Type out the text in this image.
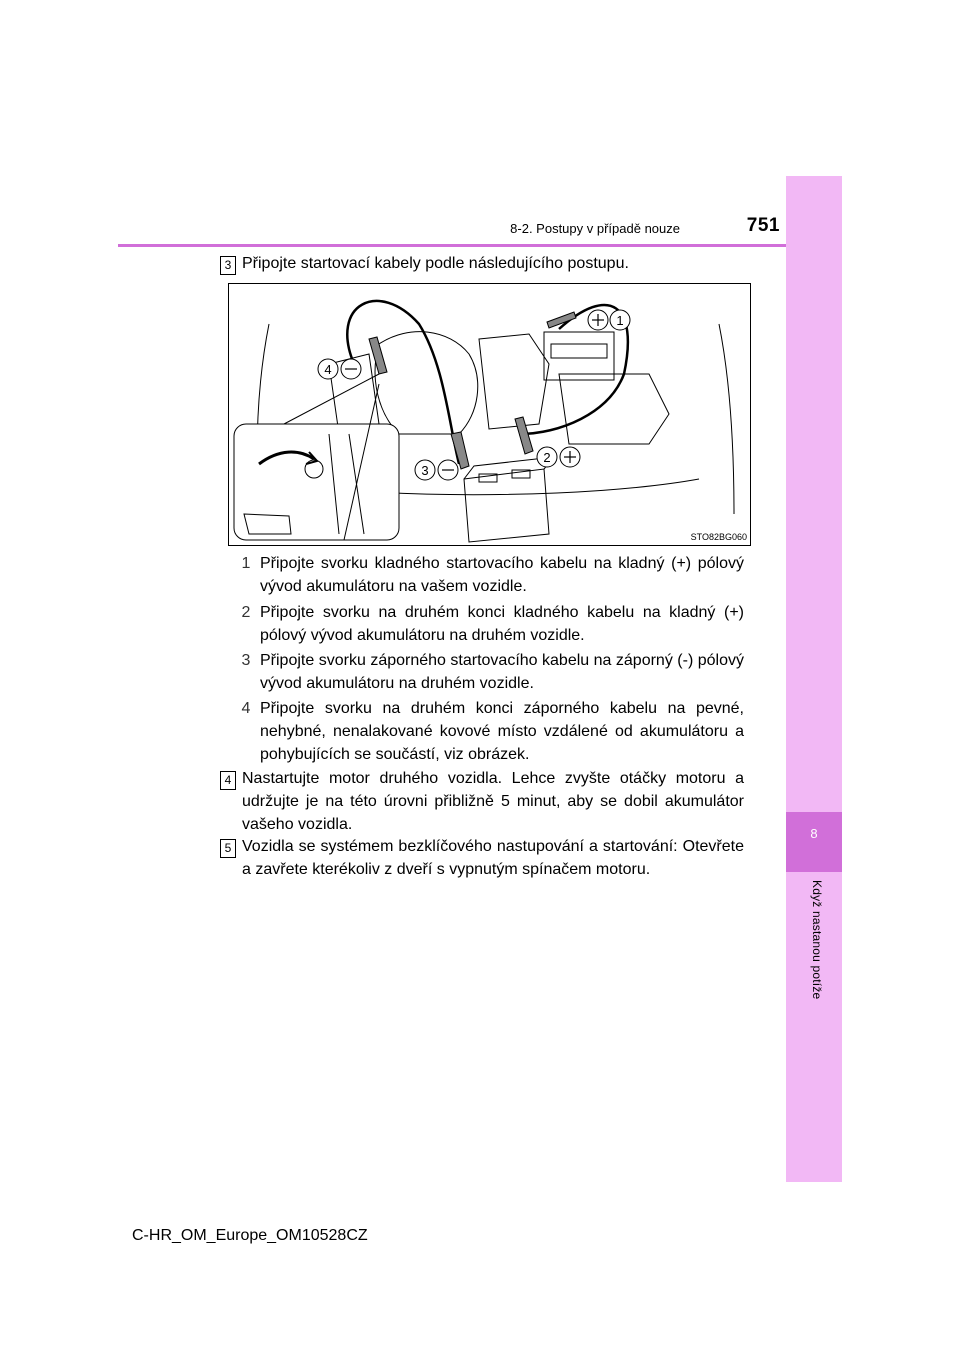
8
Když nastanou potíže
8-2. Postupy v případě nouze	751
3 Připojte startovací kabely podle následujícího postupu.
1
4
3
2
STO82BG060
1 Připojte svorku kladného startovacího kabelu na kladný (+) pólový vývod akumulátoru na vašem vozidle.
2 Připojte svorku na druhém konci kladného kabelu na kladný (+) pólový vývod akumulátoru na druhém vozidle.
3 Připojte svorku záporného startovacího kabelu na záporný (-) pólový vývod akumulátoru na druhém vozidle.
4 Připojte svorku na druhém konci záporného kabelu na pevné, nehybné, nenalakované kovové místo vzdálené od akumulátoru a pohybujících se součástí, viz obrázek.
4 Nastartujte motor druhého vozidla. Lehce zvyšte otáčky motoru a udržujte je na této úrovni přibližně 5 minut, aby se dobil akumulátor vašeho vozidla.
5 Vozidla se systémem bezklíčového nastupování a startování: Otevřete a zavřete kterékoliv z dveří s vypnutým spínačem motoru.
C-HR_OM_Europe_OM10528CZ
